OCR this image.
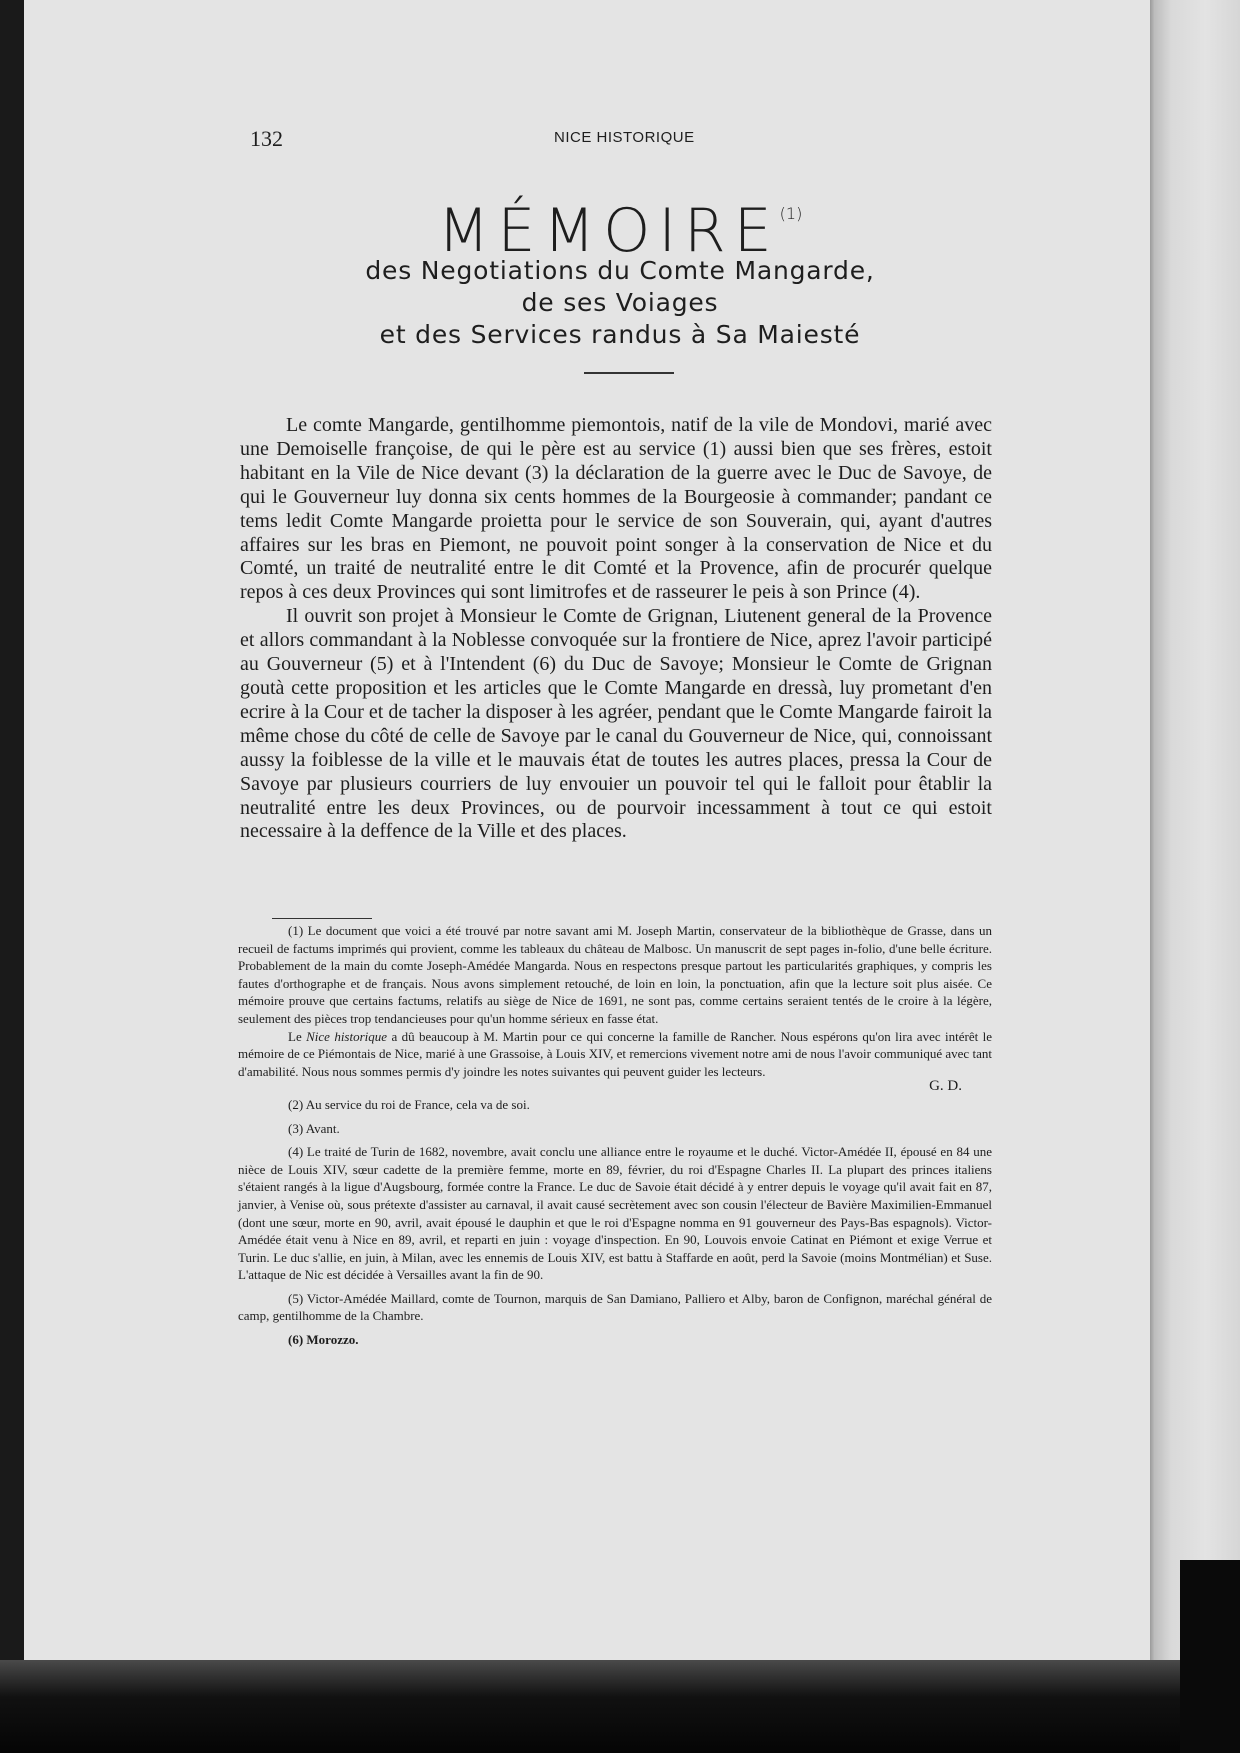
132	NICE HISTORIQUE
MÉMOIRE$^{(1)}$
des Negotiations du Comte Mangarde,
de ses Voiages
et des Services randus à Sa Maiesté

Le comte Mangarde, gentilhomme piemontois, natif de la vile de Mondovi, marié avec une Demoiselle françoise, de qui le père est au service (1) aussi bien que ses frères, estoit habitant en la Vile de Nice devant (3) la déclaration de la guerre avec le Duc de Savoye, de qui le Gouverneur luy donna six cents hommes de la Bourgeosie à commander; pandant ce tems ledit Comte Mangarde proietta pour le service de son Souverain, qui, ayant d'autres affaires sur les bras en Piemont, ne pouvoit point songer à la conservation de Nice et du Comté, un traité de neutralité entre le dit Comté et la Provence, afin de procurér quelque repos à ces deux Provinces qui sont limitrofes et de rasseurer le peis à son Prince (4).

Il ouvrit son projet à Monsieur le Comte de Grignan, Liutenent general de la Provence et allors commandant à la Noblesse convoquée sur la frontiere de Nice, aprez l'avoir participé au Gouverneur (5) et à l'Intendent (6) du Duc de Savoye; Monsieur le Comte de Grignan goutà cette proposition et les articles que le Comte Mangarde en dressà, luy prometant d'en ecrire à la Cour et de tacher la disposer à les agréer, pendant que le Comte Mangarde fairoit la même chose du côté de celle de Savoye par le canal du Gouverneur de Nice, qui, connoissant aussy la foiblesse de la ville et le mauvais état de toutes les autres places, pressa la Cour de Savoye par plusieurs courriers de luy envouier un pouvoir tel qui le falloit pour êtablir la neutralité entre les deux Provinces, ou de pourvoir incessamment à tout ce qui estoit necessaire à la deffence de la Ville et des places.

(1) Le document que voici a été trouvé par notre savant ami M. Joseph Martin, conservateur de la bibliothèque de Grasse, dans un recueil de factums imprimés qui provient, comme les tableaux du château de Malbosc. Un manuscrit de sept pages in-folio, d'une belle écriture. Probablement de la main du comte Joseph-Amédée Mangarda. Nous en respectons presque partout les particularités graphiques, y compris les fautes d'orthographe et de français. Nous avons simplement retouché, de loin en loin, la ponctuation, afin que la lecture soit plus aisée. Ce mémoire prouve que certains factums, relatifs au siège de Nice de 1691, ne sont pas, comme certains seraient tentés de le croire à la légère, seulement des pièces trop tendancieuses pour qu'un homme sérieux en fasse état.

Le Nice historique a dû beaucoup à M. Martin pour ce qui concerne la famille de Rancher. Nous espérons qu'on lira avec intérêt le mémoire de ce Piémontais de Nice, marié à une Grassoise, à Louis XIV, et remercions vivement notre ami de nous l'avoir communiqué avec tant d'amabilité. Nous nous sommes permis d'y joindre les notes suivantes qui peuvent guider les lecteurs.

G. D.

(2) Au service du roi de France, cela va de soi.

(3) Avant.

(4) Le traité de Turin de 1682, novembre, avait conclu une alliance entre le royaume et le duché. Victor-Amédée II, épousé en 84 une nièce de Louis XIV, sœur cadette de la première femme, morte en 89, février, du roi d'Espagne Charles II. La plupart des princes italiens s'étaient rangés à la ligue d'Augsbourg, formée contre la France. Le duc de Savoie était décidé à y entrer depuis le voyage qu'il avait fait en 87, janvier, à Venise où, sous prétexte d'assister au carnaval, il avait causé secrètement avec son cousin l'électeur de Bavière Maximilien-Emmanuel (dont une sœur, morte en 90, avril, avait épousé le dauphin et que le roi d'Espagne nomma en 91 gouverneur des Pays-Bas espagnols). Victor-Amédée était venu à Nice en 89, avril, et reparti en juin : voyage d'inspection. En 90, Louvois envoie Catinat en Piémont et exige Verrue et Turin. Le duc s'allie, en juin, à Milan, avec les ennemis de Louis XIV, est battu à Staffarde en août, perd la Savoie (moins Montmélian) et Suse. L'attaque de Nic est décidée à Versailles avant la fin de 90.

(5) Victor-Amédée Maillard, comte de Tournon, marquis de San Damiano, Palliero et Alby, baron de Confignon, maréchal général de camp, gentilhomme de la Chambre.

(6) Morozzo.
